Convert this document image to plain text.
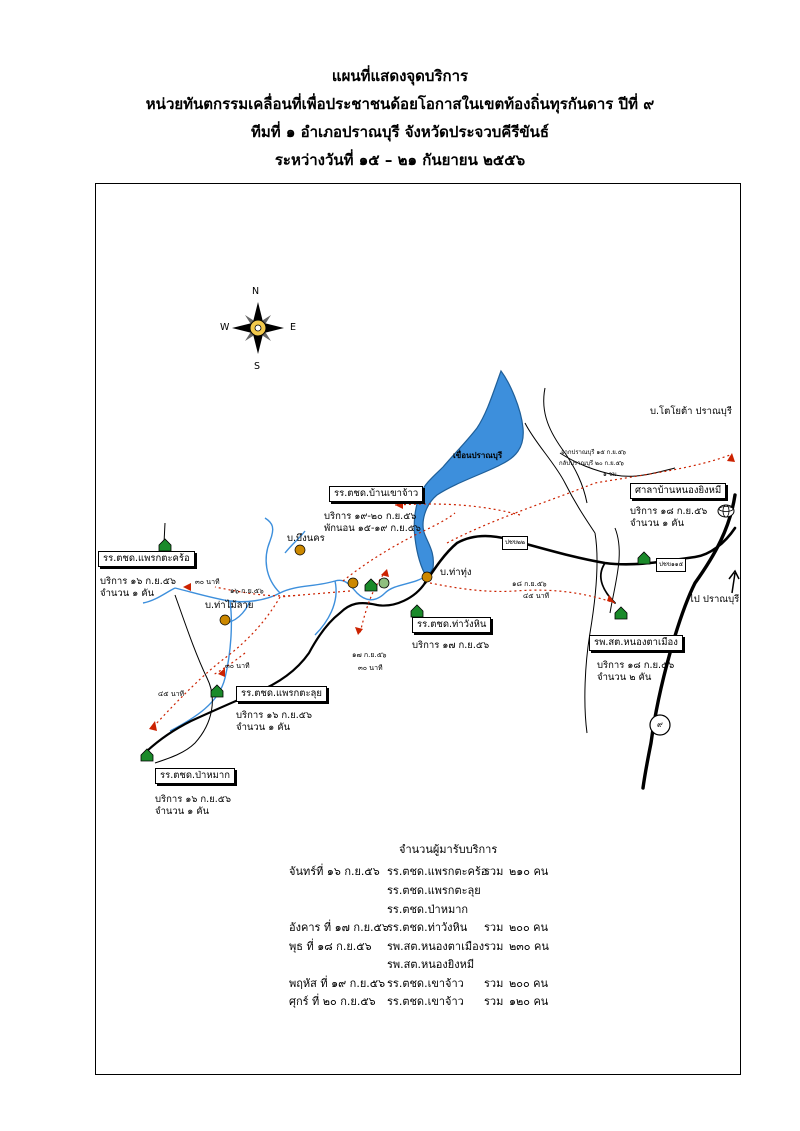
แผนที่แสดงจุดบริการ
หน่วยทันตกรรมเคลื่อนที่เพื่อประชาชนด้อยโอกาสในเขตท้องถิ่นทุรกันดาร ปีที่ ๙
ทีมที่ ๑ อำเภอปราณบุรี จังหวัดประจวบคีรีขันธ์
ระหว่างวันที่ ๑๕ – ๒๑ กันยายน ๒๕๕๖
N
S
E
W
เขื่อนปราณบุรี
บ.บึงนคร
บ.ท่าไม้ลาย
บ.ท่าทุ่ง
บ.โตโยต้า ปราณบุรี
ไป ปราณบุรี
๙
ปชข๒๒
ปชข๑๑๕
รร.ตชด.แพรกตะคร้อ
บริการ ๑๖ ก.ย.๕๖
จำนวน ๑ คัน
รร.ตชด.แพรกตะลุย
บริการ ๑๖ ก.ย.๕๖
จำนวน ๑ คัน
รร.ตชด.ป่าหมาก
บริการ ๑๖ ก.ย.๕๖
จำนวน ๑ คัน
รร.ตชด.บ้านเขาจ้าว
บริการ ๑๙-๒๐ ก.ย.๕๖
พักนอน ๑๕-๑๙ ก.ย.๕๖
รร.ตชด.ท่าวังหิน
บริการ ๑๗ ก.ย.๕๖	รพ.สต.หนองตาเมือง
บริการ ๑๘ ก.ย.๕๖
จำนวน ๒ คัน
ศาลาบ้านหนองยิงหมี
บริการ ๑๘ ก.ย.๕๖
จำนวน ๑ คัน
๓๐ นาที
๑๖ ก.ย.๕๖
๓๐ นาที
๔๕ นาที
๑๗ ก.ย.๕๖
๓๐ นาที
๑๘ ก.ย.๕๖
๔๕ นาที
จากปราณบุรี ๑๕ ก.ย.๕๖
กลับปราณบุรี ๒๐ ก.ย.๕๖
๑ ชม.
จำนวนผู้มารับบริการ
จันทร์ที่ ๑๖ ก.ย.๕๖ รร.ตชด.แพรกตะคร้อ
รวม ๒๑๐ คน
รร.ตชด.แพรกตะลุย
รร.ตชด.ป่าหมาก
อังคาร ที่ ๑๗ ก.ย.๕๖
รร.ตชด.ท่าวังหิน รวม ๒๐๐ คน
พุธ ที่ ๑๘ ก.ย.๕๖ รพ.สต.หนองตาเมือง รวม ๒๓๐ คน
รพ.สต.หนองยิงหมี
พฤหัส ที่ ๑๙ ก.ย.๕๖ รร.ตชด.เขาจ้าว รวม ๒๐๐ คน
ศุกร์ ที่ ๒๐ ก.ย.๕๖ รร.ตชด.เขาจ้าว รวม ๑๒๐ คน
